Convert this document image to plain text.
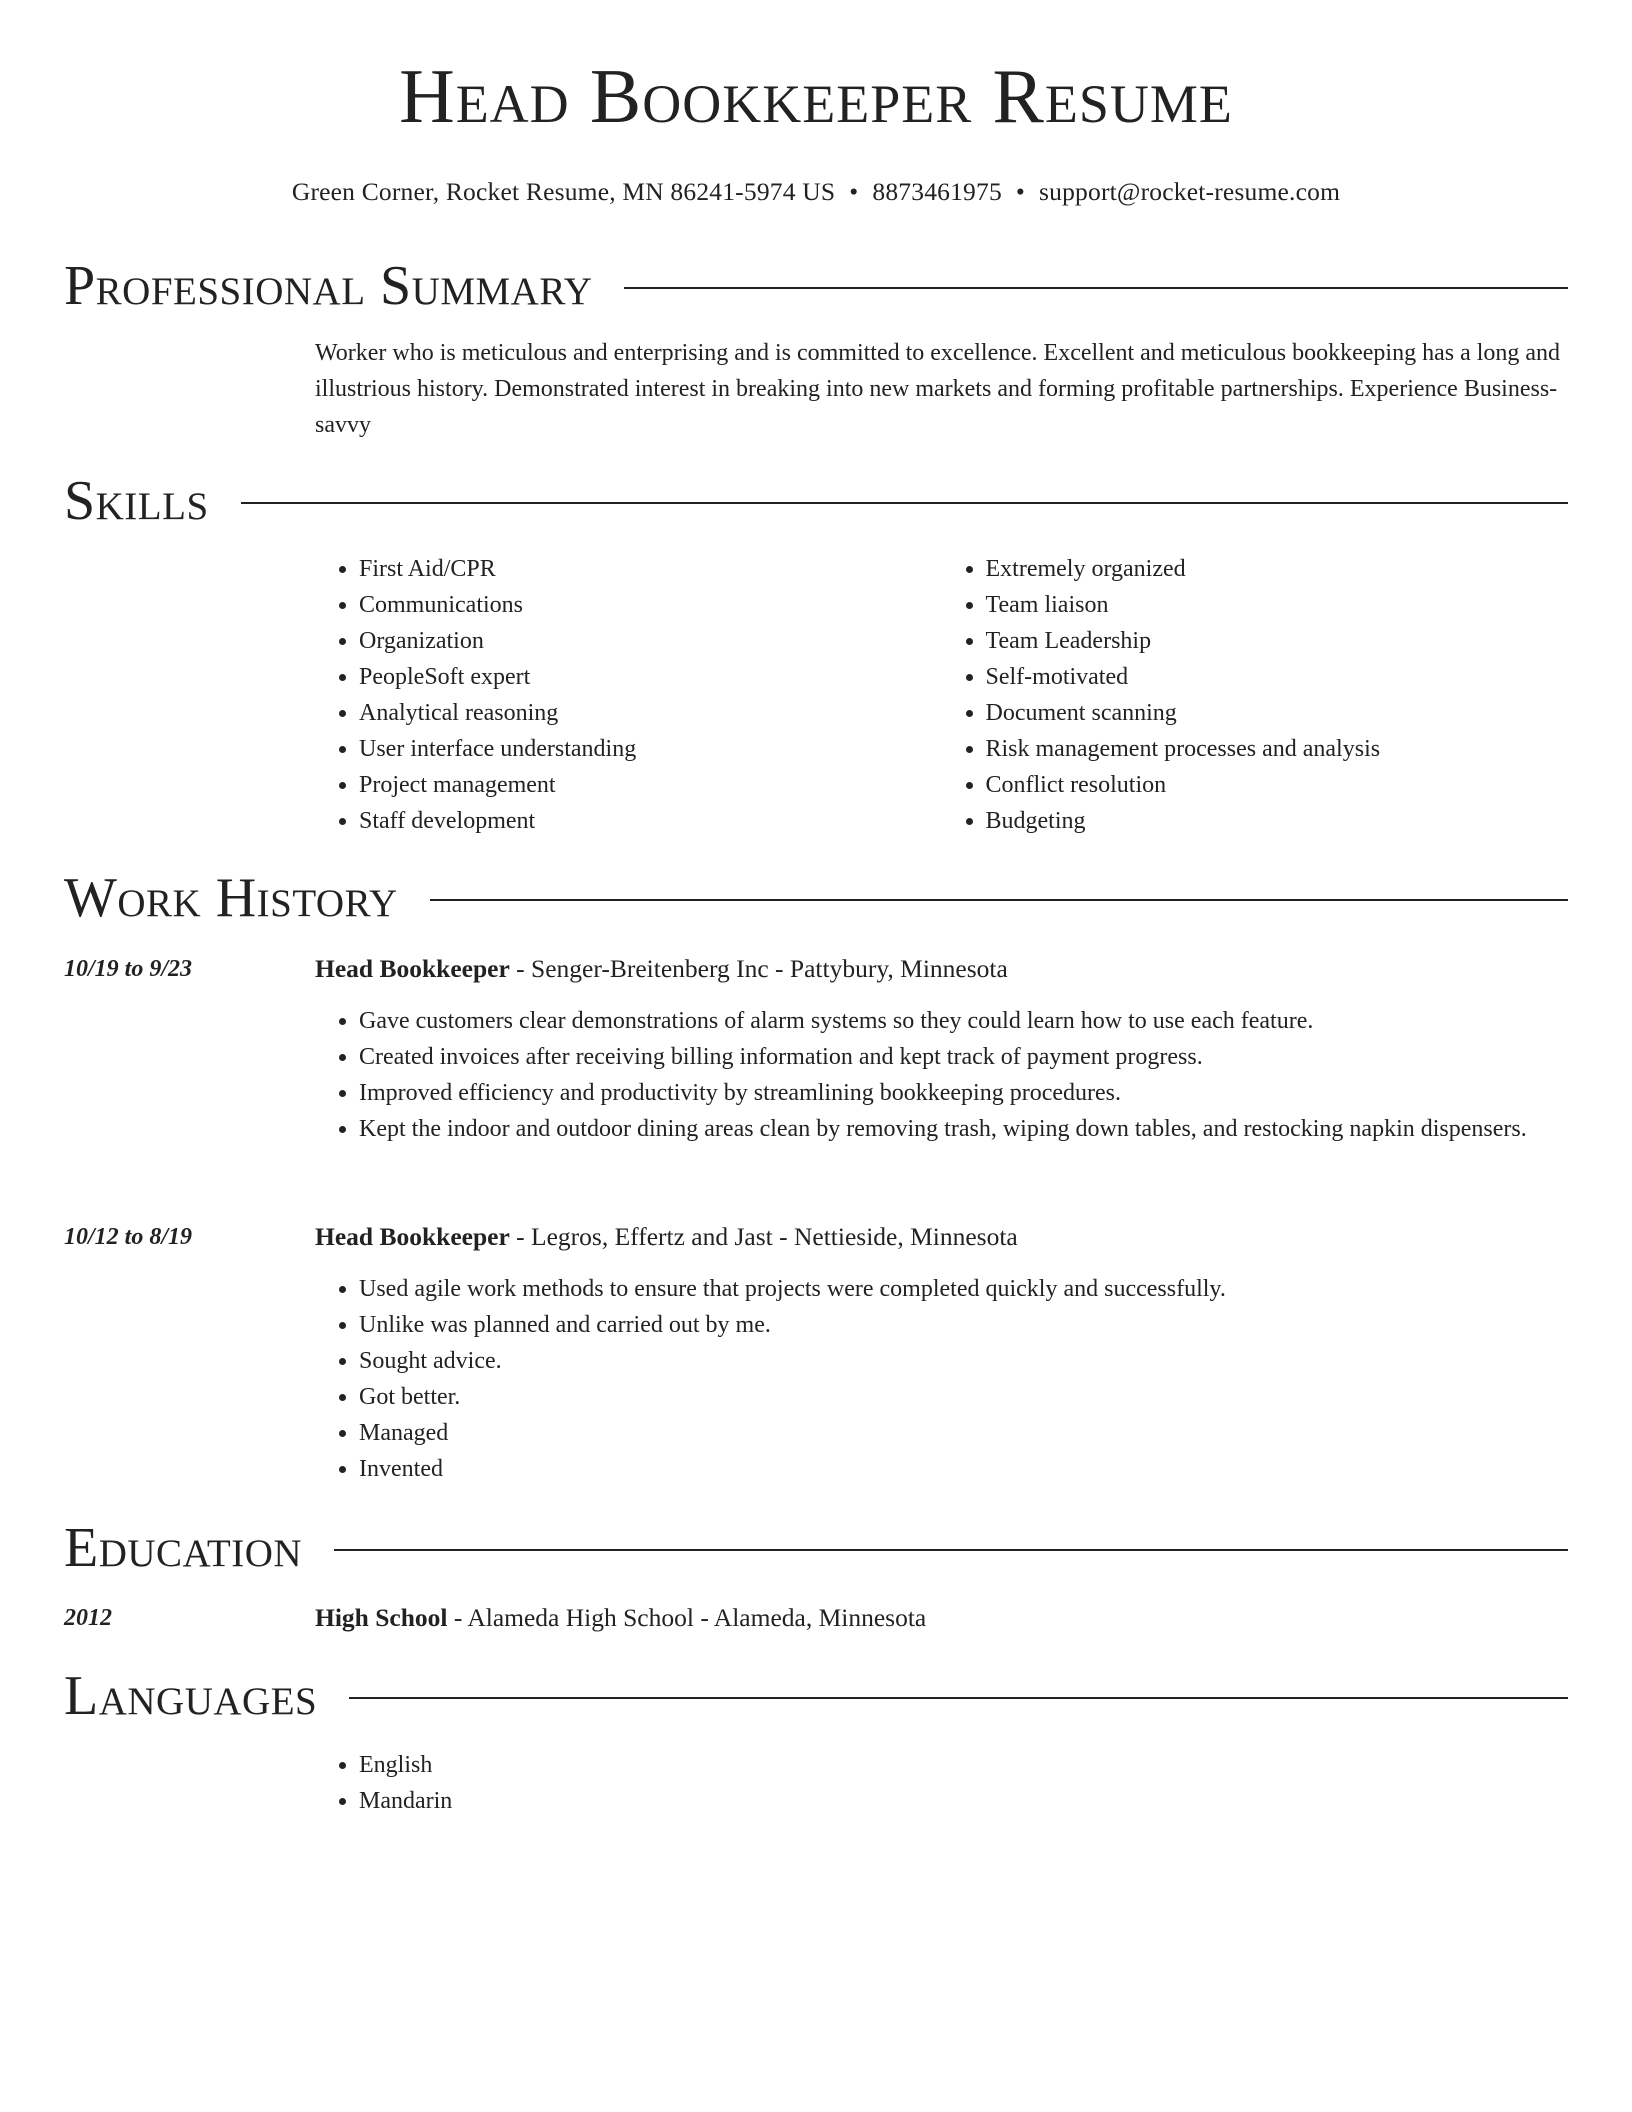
Head Bookkeeper Resume
Green Corner, Rocket Resume, MN 86241-5974 US • 8873461975 • support@rocket-resume.com
Professional Summary

Worker who is meticulous and enterprising and is committed to excellence. Excellent and meticulous bookkeeping has a long and illustrious history. Demonstrated interest in breaking into new markets and forming profitable partnerships. Experience Business-savvy

Skills
• First Aid/CPR
• Communications
• Organization
• PeopleSoft expert
• Analytical reasoning
• User interface understanding
• Project management
• Staff development
• Extremely organized
• Team liaison
• Team Leadership
• Self-motivated
• Document scanning
• Risk management processes and analysis
• Conflict resolution
• Budgeting
Work History
10/19 to 9/23	Head Bookkeeper - Senger-Breitenberg Inc - Pattybury, Minnesota
• Gave customers clear demonstrations of alarm systems so they could learn how to use each feature.
• Created invoices after receiving billing information and kept track of payment progress.
• Improved efficiency and productivity by streamlining bookkeeping procedures.
• Kept the indoor and outdoor dining areas clean by removing trash, wiping down tables, and restocking napkin dispensers.
10/12 to 8/19	Head Bookkeeper - Legros, Effertz and Jast - Nettieside, Minnesota
• Used agile work methods to ensure that projects were completed quickly and successfully.
• Unlike was planned and carried out by me.
• Sought advice.
• Got better.
• Managed
• Invented
Education
2012	High School - Alameda High School - Alameda, Minnesota
Languages
• English
• Mandarin
